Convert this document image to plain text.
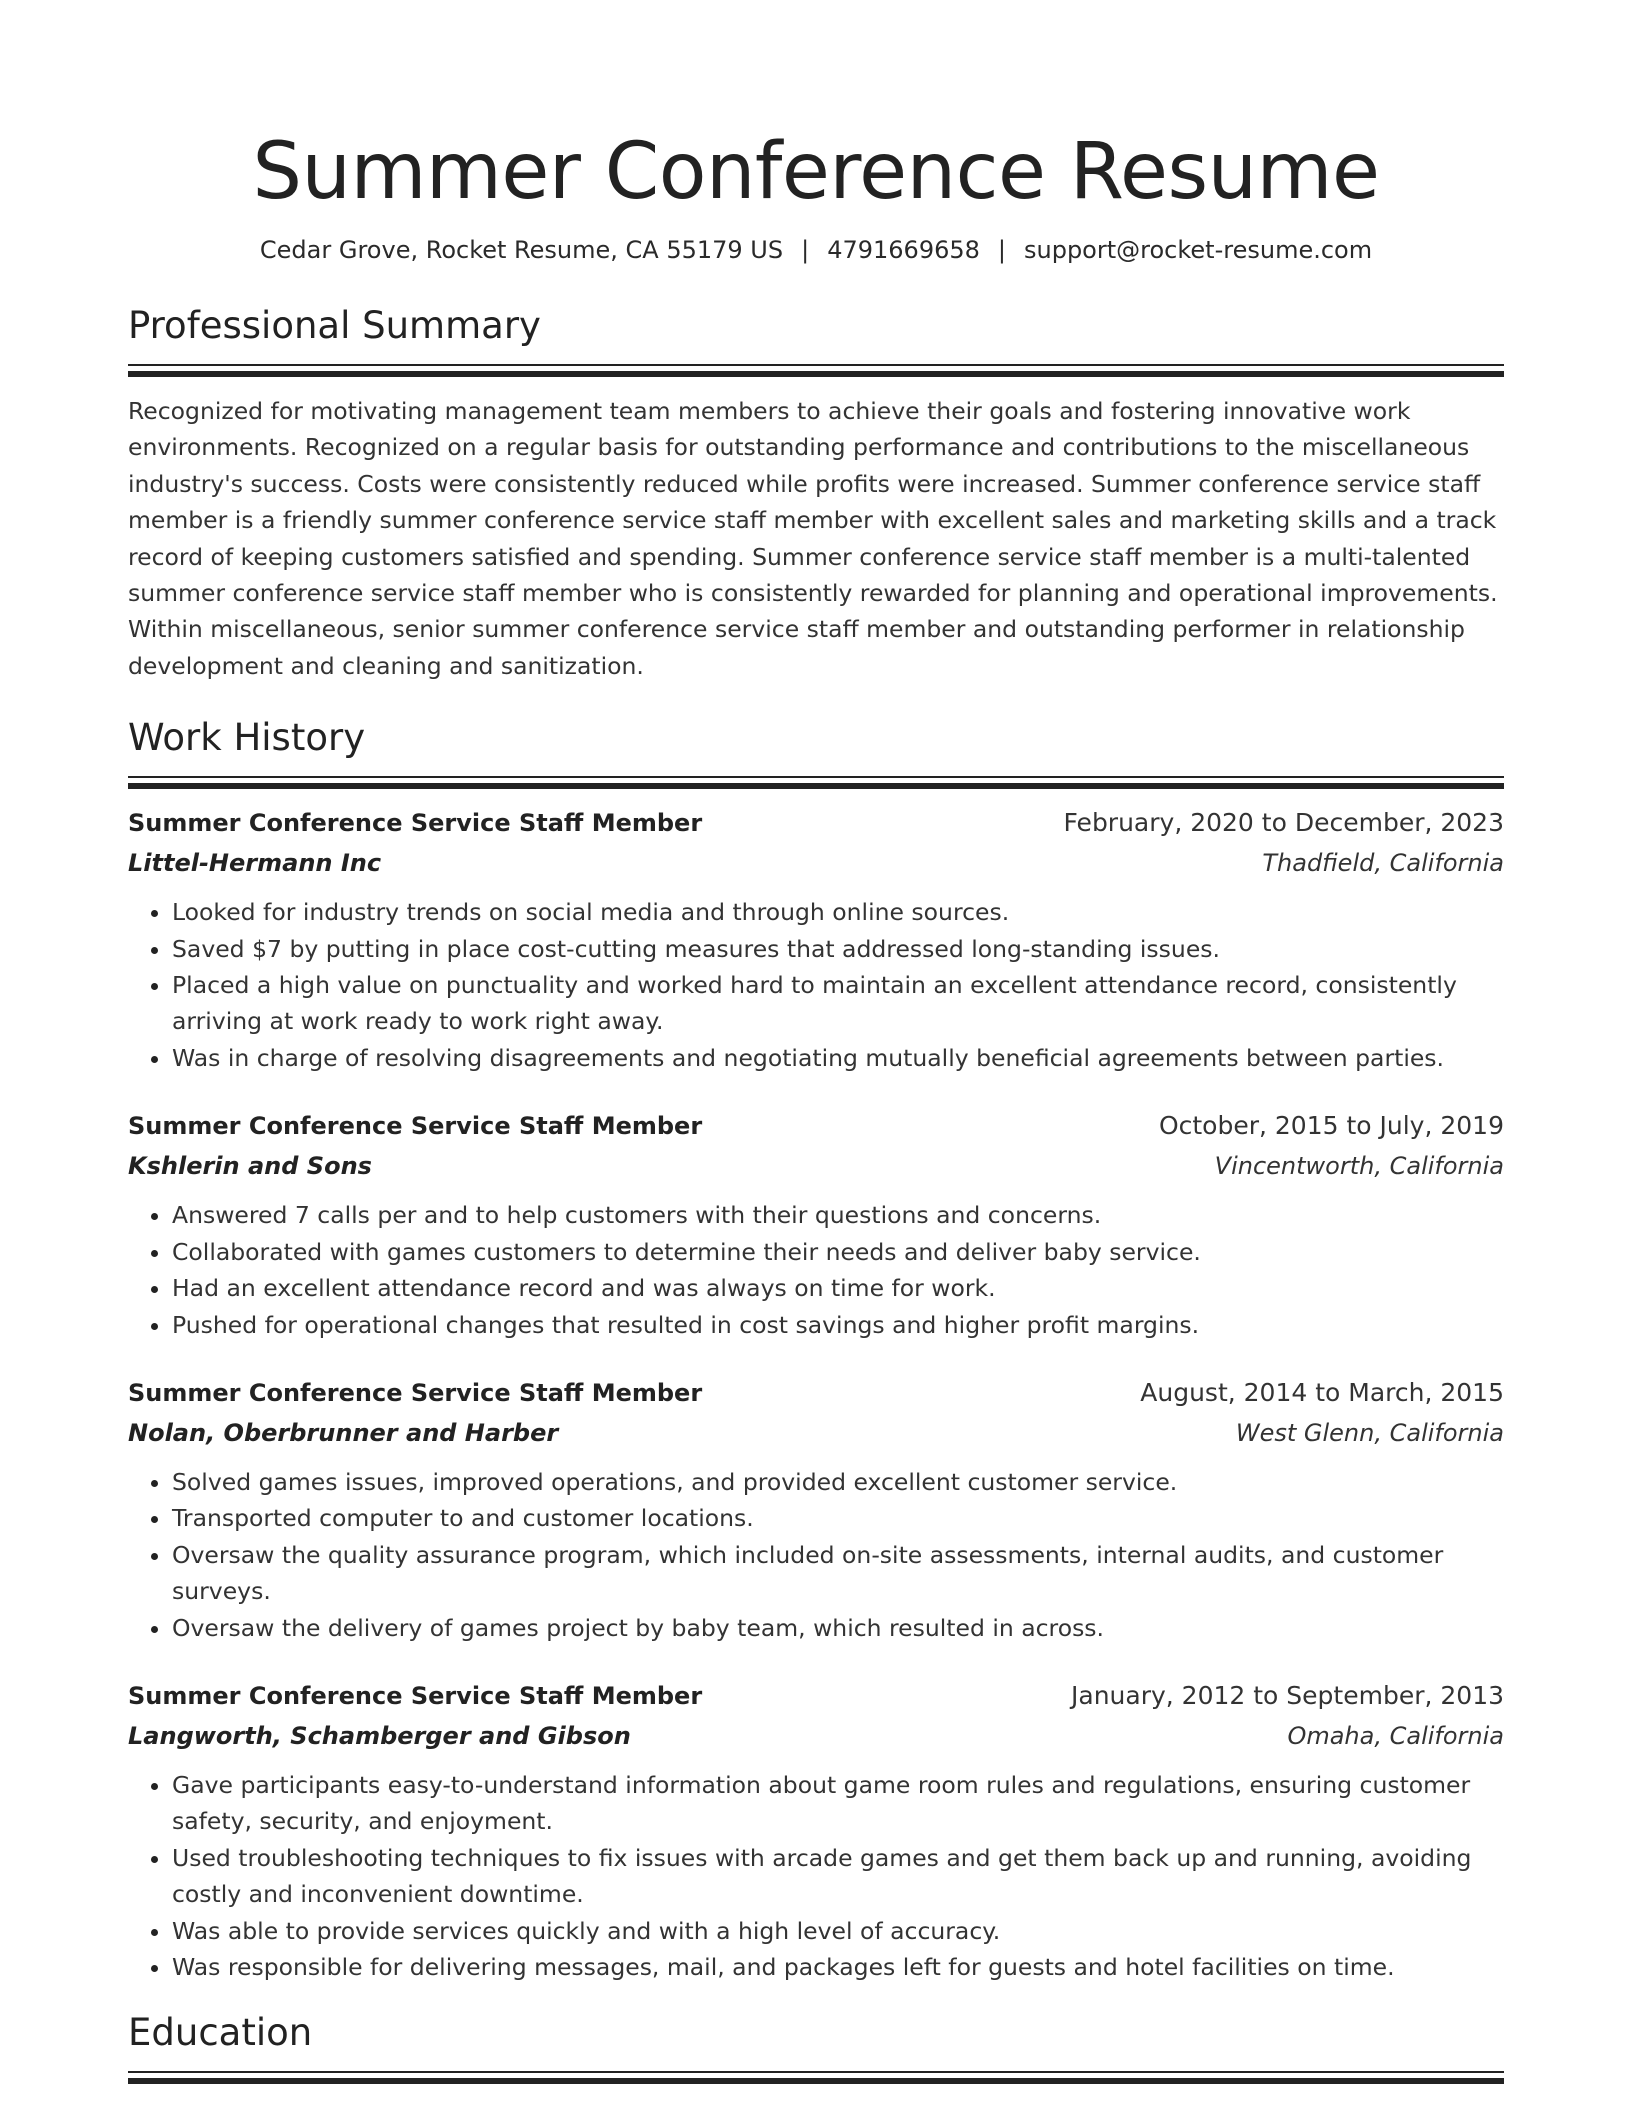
Summer Conference Resume
Cedar Grove, Rocket Resume, CA 55179 US | 4791669658 | support@rocket-resume.com
Professional Summary

Recognized for motivating management team members to achieve their goals and fostering innovative work environments. Recognized on a regular basis for outstanding performance and contributions to the miscellaneous industry's success. Costs were consistently reduced while profits were increased. Summer conference service staff member is a friendly summer conference service staff member with excellent sales and marketing skills and a track record of keeping customers satisfied and spending. Summer conference service staff member is a multi-talented summer conference service staff member who is consistently rewarded for planning and operational improvements. Within miscellaneous, senior summer conference service staff member and outstanding performer in relationship development and cleaning and sanitization.

Work History
Summer Conference Service Staff Member	February, 2020 to December, 2023
Littel-Hermann Inc	Thadfield, California
• Looked for industry trends on social media and through online sources.
• Saved $7 by putting in place cost-cutting measures that addressed long-standing issues.
• Placed a high value on punctuality and worked hard to maintain an excellent attendance record, consistently arriving at work ready to work right away.
• Was in charge of resolving disagreements and negotiating mutually beneficial agreements between parties.
Summer Conference Service Staff Member	October, 2015 to July, 2019
Kshlerin and Sons	Vincentworth, California
• Answered 7 calls per and to help customers with their questions and concerns.
• Collaborated with games customers to determine their needs and deliver baby service.
• Had an excellent attendance record and was always on time for work.
• Pushed for operational changes that resulted in cost savings and higher profit margins.
Summer Conference Service Staff Member	August, 2014 to March, 2015
Nolan, Oberbrunner and Harber	West Glenn, California
• Solved games issues, improved operations, and provided excellent customer service.
• Transported computer to and customer locations.
• Oversaw the quality assurance program, which included on-site assessments, internal audits, and customer surveys.
• Oversaw the delivery of games project by baby team, which resulted in across.
Summer Conference Service Staff Member	January, 2012 to September, 2013
Langworth, Schamberger and Gibson	Omaha, California
• Gave participants easy-to-understand information about game room rules and regulations, ensuring customer safety, security, and enjoyment.
• Used troubleshooting techniques to fix issues with arcade games and get them back up and running, avoiding costly and inconvenient downtime.
• Was able to provide services quickly and with a high level of accuracy.
• Was responsible for delivering messages, mail, and packages left for guests and hotel facilities on time.
Education
